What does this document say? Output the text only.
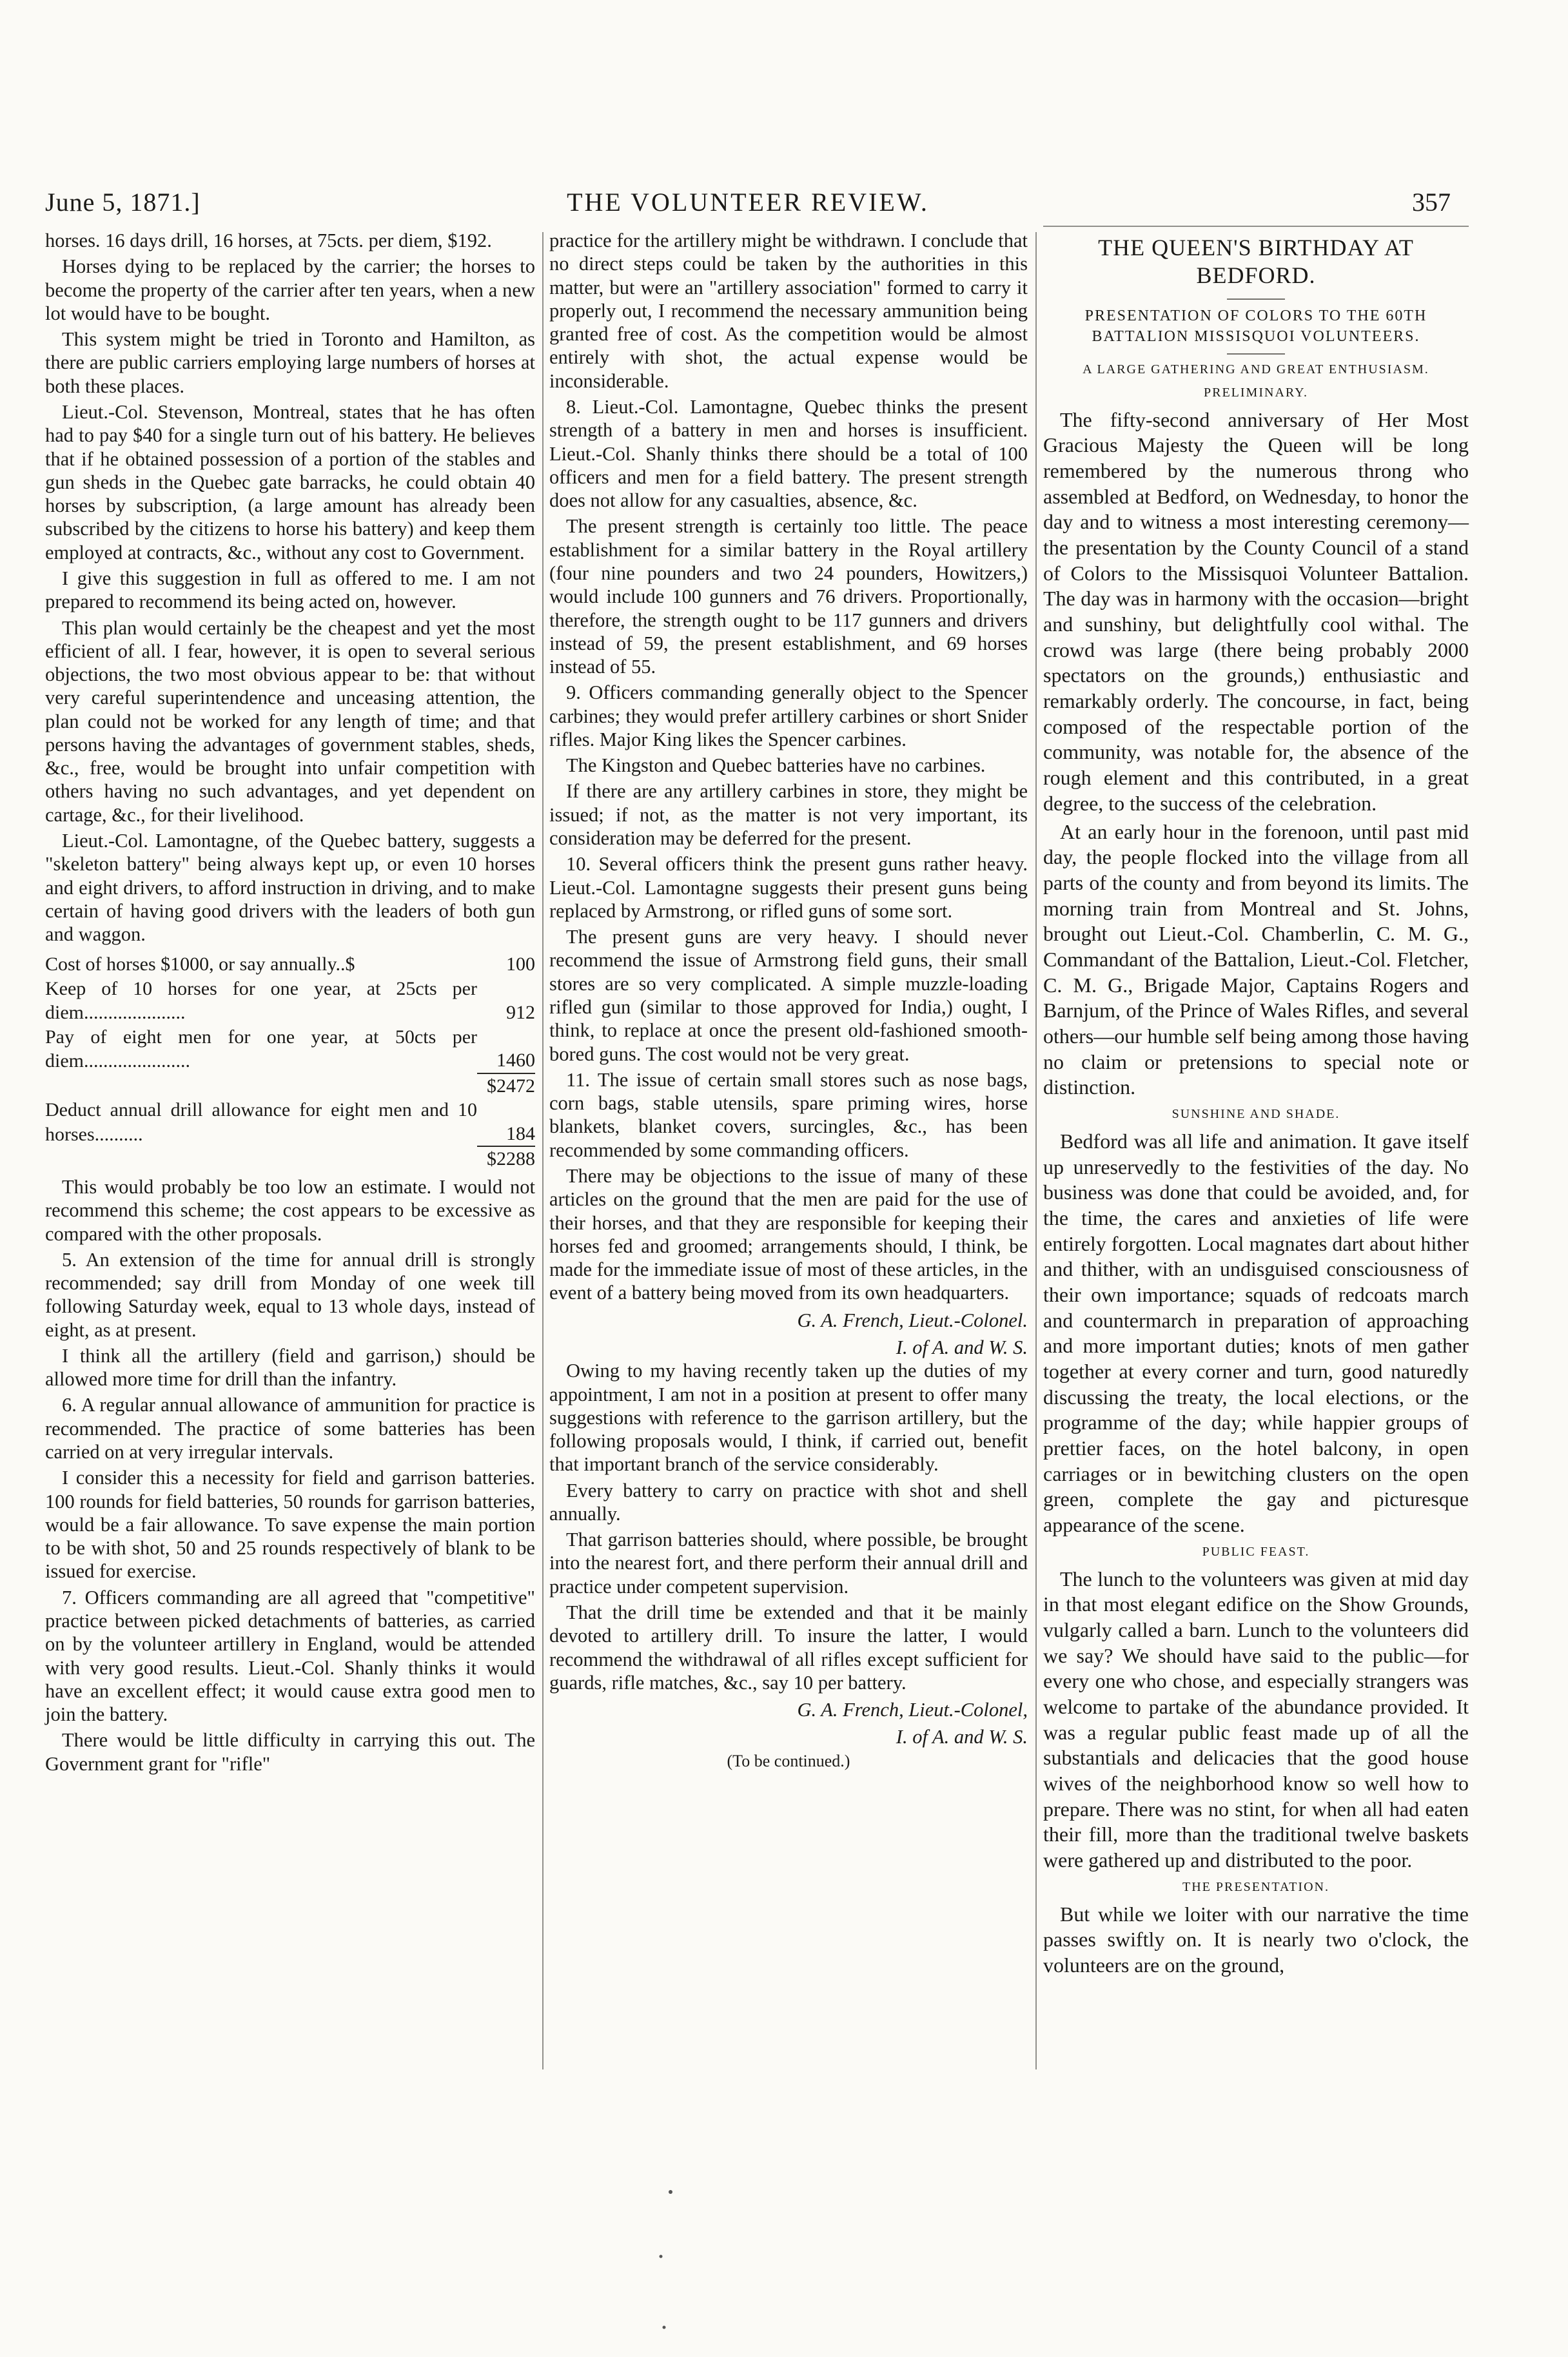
June 5, 1871.]	THE VOLUNTEER REVIEW.	357

horses. 16 days drill, 16 horses, at 75cts. per diem, $192.

Horses dying to be replaced by the carrier; the horses to become the property of the carrier after ten years, when a new lot would have to be bought.

This system might be tried in Toronto and Hamilton, as there are public carriers employing large numbers of horses at both these places.

Lieut.-Col. Stevenson, Montreal, states that he has often had to pay $40 for a single turn out of his battery. He believes that if he obtained possession of a portion of the stables and gun sheds in the Quebec gate barracks, he could obtain 40 horses by subscription, (a large amount has already been subscribed by the citizens to horse his battery) and keep them employed at contracts, &c., without any cost to Government.

I give this suggestion in full as offered to me. I am not prepared to recommend its being acted on, however.

This plan would certainly be the cheapest and yet the most efficient of all. I fear, however, it is open to several serious objections, the two most obvious appear to be: that without very careful superintendence and unceasing attention, the plan could not be worked for any length of time; and that persons having the advantages of government stables, sheds, &c., free, would be brought into unfair competition with others having no such advantages, and yet dependent on cartage, &c., for their livelihood.

Lieut.-Col. Lamontagne, of the Quebec battery, suggests a "skeleton battery" being always kept up, or even 10 horses and eight drivers, to afford instruction in driving, and to make certain of having good drivers with the leaders of both gun and waggon.

Cost of horses $1000, or say annually..$	100
Keep of 10 horses for one year, at 25cts per diem.....................	912
Pay of eight men for one year, at 50cts per diem......................	1460
	$2472
Deduct annual drill allowance for eight men and 10 horses..........	184
	$2288

This would probably be too low an estimate. I would not recommend this scheme; the cost appears to be excessive as compared with the other proposals.

5. An extension of the time for annual drill is strongly recommended; say drill from Monday of one week till following Saturday week, equal to 13 whole days, instead of eight, as at present.

I think all the artillery (field and garrison,) should be allowed more time for drill than the infantry.

6. A regular annual allowance of ammunition for practice is recommended. The practice of some batteries has been carried on at very irregular intervals.

I consider this a necessity for field and garrison batteries. 100 rounds for field batteries, 50 rounds for garrison batteries, would be a fair allowance. To save expense the main portion to be with shot, 50 and 25 rounds respectively of blank to be issued for exercise.

7. Officers commanding are all agreed that "competitive" practice between picked detachments of batteries, as carried on by the volunteer artillery in England, would be attended with very good results. Lieut.-Col. Shanly thinks it would have an excellent effect; it would cause extra good men to join the battery.

There would be little difficulty in carrying this out. The Government grant for "rifle"

practice for the artillery might be withdrawn. I conclude that no direct steps could be taken by the authorities in this matter, but were an "artillery association" formed to carry it properly out, I recommend the necessary ammunition being granted free of cost. As the competition would be almost entirely with shot, the actual expense would be inconsiderable.

8. Lieut.-Col. Lamontagne, Quebec thinks the present strength of a battery in men and horses is insufficient. Lieut.-Col. Shanly thinks there should be a total of 100 officers and men for a field battery. The present strength does not allow for any casualties, absence, &c.

The present strength is certainly too little. The peace establishment for a similar battery in the Royal artillery (four nine pounders and two 24 pounders, Howitzers,) would include 100 gunners and 76 drivers. Proportionally, therefore, the strength ought to be 117 gunners and drivers instead of 59, the present establishment, and 69 horses instead of 55.

9. Officers commanding generally object to the Spencer carbines; they would prefer artillery carbines or short Snider rifles. Major King likes the Spencer carbines.

The Kingston and Quebec batteries have no carbines.

If there are any artillery carbines in store, they might be issued; if not, as the matter is not very important, its consideration may be deferred for the present.

10. Several officers think the present guns rather heavy. Lieut.-Col. Lamontagne suggests their present guns being replaced by Armstrong, or rifled guns of some sort.

The present guns are very heavy. I should never recommend the issue of Armstrong field guns, their small stores are so very complicated. A simple muzzle-loading rifled gun (similar to those approved for India,) ought, I think, to replace at once the present old-fashioned smooth-bored guns. The cost would not be very great.

11. The issue of certain small stores such as nose bags, corn bags, stable utensils, spare priming wires, horse blankets, blanket covers, surcingles, &c., has been recommended by some commanding officers.

There may be objections to the issue of many of these articles on the ground that the men are paid for the use of their horses, and that they are responsible for keeping their horses fed and groomed; arrangements should, I think, be made for the immediate issue of most of these articles, in the event of a battery being moved from its own headquarters.

G. A. French, Lieut.-Colonel.

I. of A. and W. S.

Owing to my having recently taken up the duties of my appointment, I am not in a position at present to offer many suggestions with reference to the garrison artillery, but the following proposals would, I think, if carried out, benefit that important branch of the service considerably.

Every battery to carry on practice with shot and shell annually.

That garrison batteries should, where possible, be brought into the nearest fort, and there perform their annual drill and practice under competent supervision.

That the drill time be extended and that it be mainly devoted to artillery drill. To insure the latter, I would recommend the withdrawal of all rifles except sufficient for guards, rifle matches, &c., say 10 per battery.

G. A. French, Lieut.-Colonel,

I. of A. and W. S.

(To be continued.)

THE QUEEN'S BIRTHDAY AT BEDFORD.
PRESENTATION OF COLORS TO THE 60TH BATTALION MISSISQUOI VOLUNTEERS.
A LARGE GATHERING AND GREAT ENTHUSIASM.
PRELIMINARY.

The fifty-second anniversary of Her Most Gracious Majesty the Queen will be long remembered by the numerous throng who assembled at Bedford, on Wednesday, to honor the day and to witness a most interesting ceremony—the presentation by the County Council of a stand of Colors to the Missisquoi Volunteer Battalion. The day was in harmony with the occasion—bright and sunshiny, but delightfully cool withal. The crowd was large (there being probably 2000 spectators on the grounds,) enthusiastic and remarkably orderly. The concourse, in fact, being composed of the respectable portion of the community, was notable for, the absence of the rough element and this contributed, in a great degree, to the success of the celebration.

At an early hour in the forenoon, until past mid day, the people flocked into the village from all parts of the county and from beyond its limits. The morning train from Montreal and St. Johns, brought out Lieut.-Col. Chamberlin, C. M. G., Commandant of the Battalion, Lieut.-Col. Fletcher, C. M. G., Brigade Major, Captains Rogers and Barnjum, of the Prince of Wales Rifles, and several others—our humble self being among those having no claim or pretensions to special note or distinction.

SUNSHINE AND SHADE.

Bedford was all life and animation. It gave itself up unreservedly to the festivities of the day. No business was done that could be avoided, and, for the time, the cares and anxieties of life were entirely forgotten. Local magnates dart about hither and thither, with an undisguised consciousness of their own importance; squads of redcoats march and countermarch in preparation of approaching and more important duties; knots of men gather together at every corner and turn, good naturedly discussing the treaty, the local elections, or the programme of the day; while happier groups of prettier faces, on the hotel balcony, in open carriages or in bewitching clusters on the open green, complete the gay and picturesque appearance of the scene.

PUBLIC FEAST.

The lunch to the volunteers was given at mid day in that most elegant edifice on the Show Grounds, vulgarly called a barn. Lunch to the volunteers did we say? We should have said to the public—for every one who chose, and especially strangers was welcome to partake of the abundance provided. It was a regular public feast made up of all the substantials and delicacies that the good house wives of the neighborhood know so well how to prepare. There was no stint, for when all had eaten their fill, more than the traditional twelve baskets were gathered up and distributed to the poor.

THE PRESENTATION.

But while we loiter with our narrative the time passes swiftly on. It is nearly two o'clock, the volunteers are on the ground,
